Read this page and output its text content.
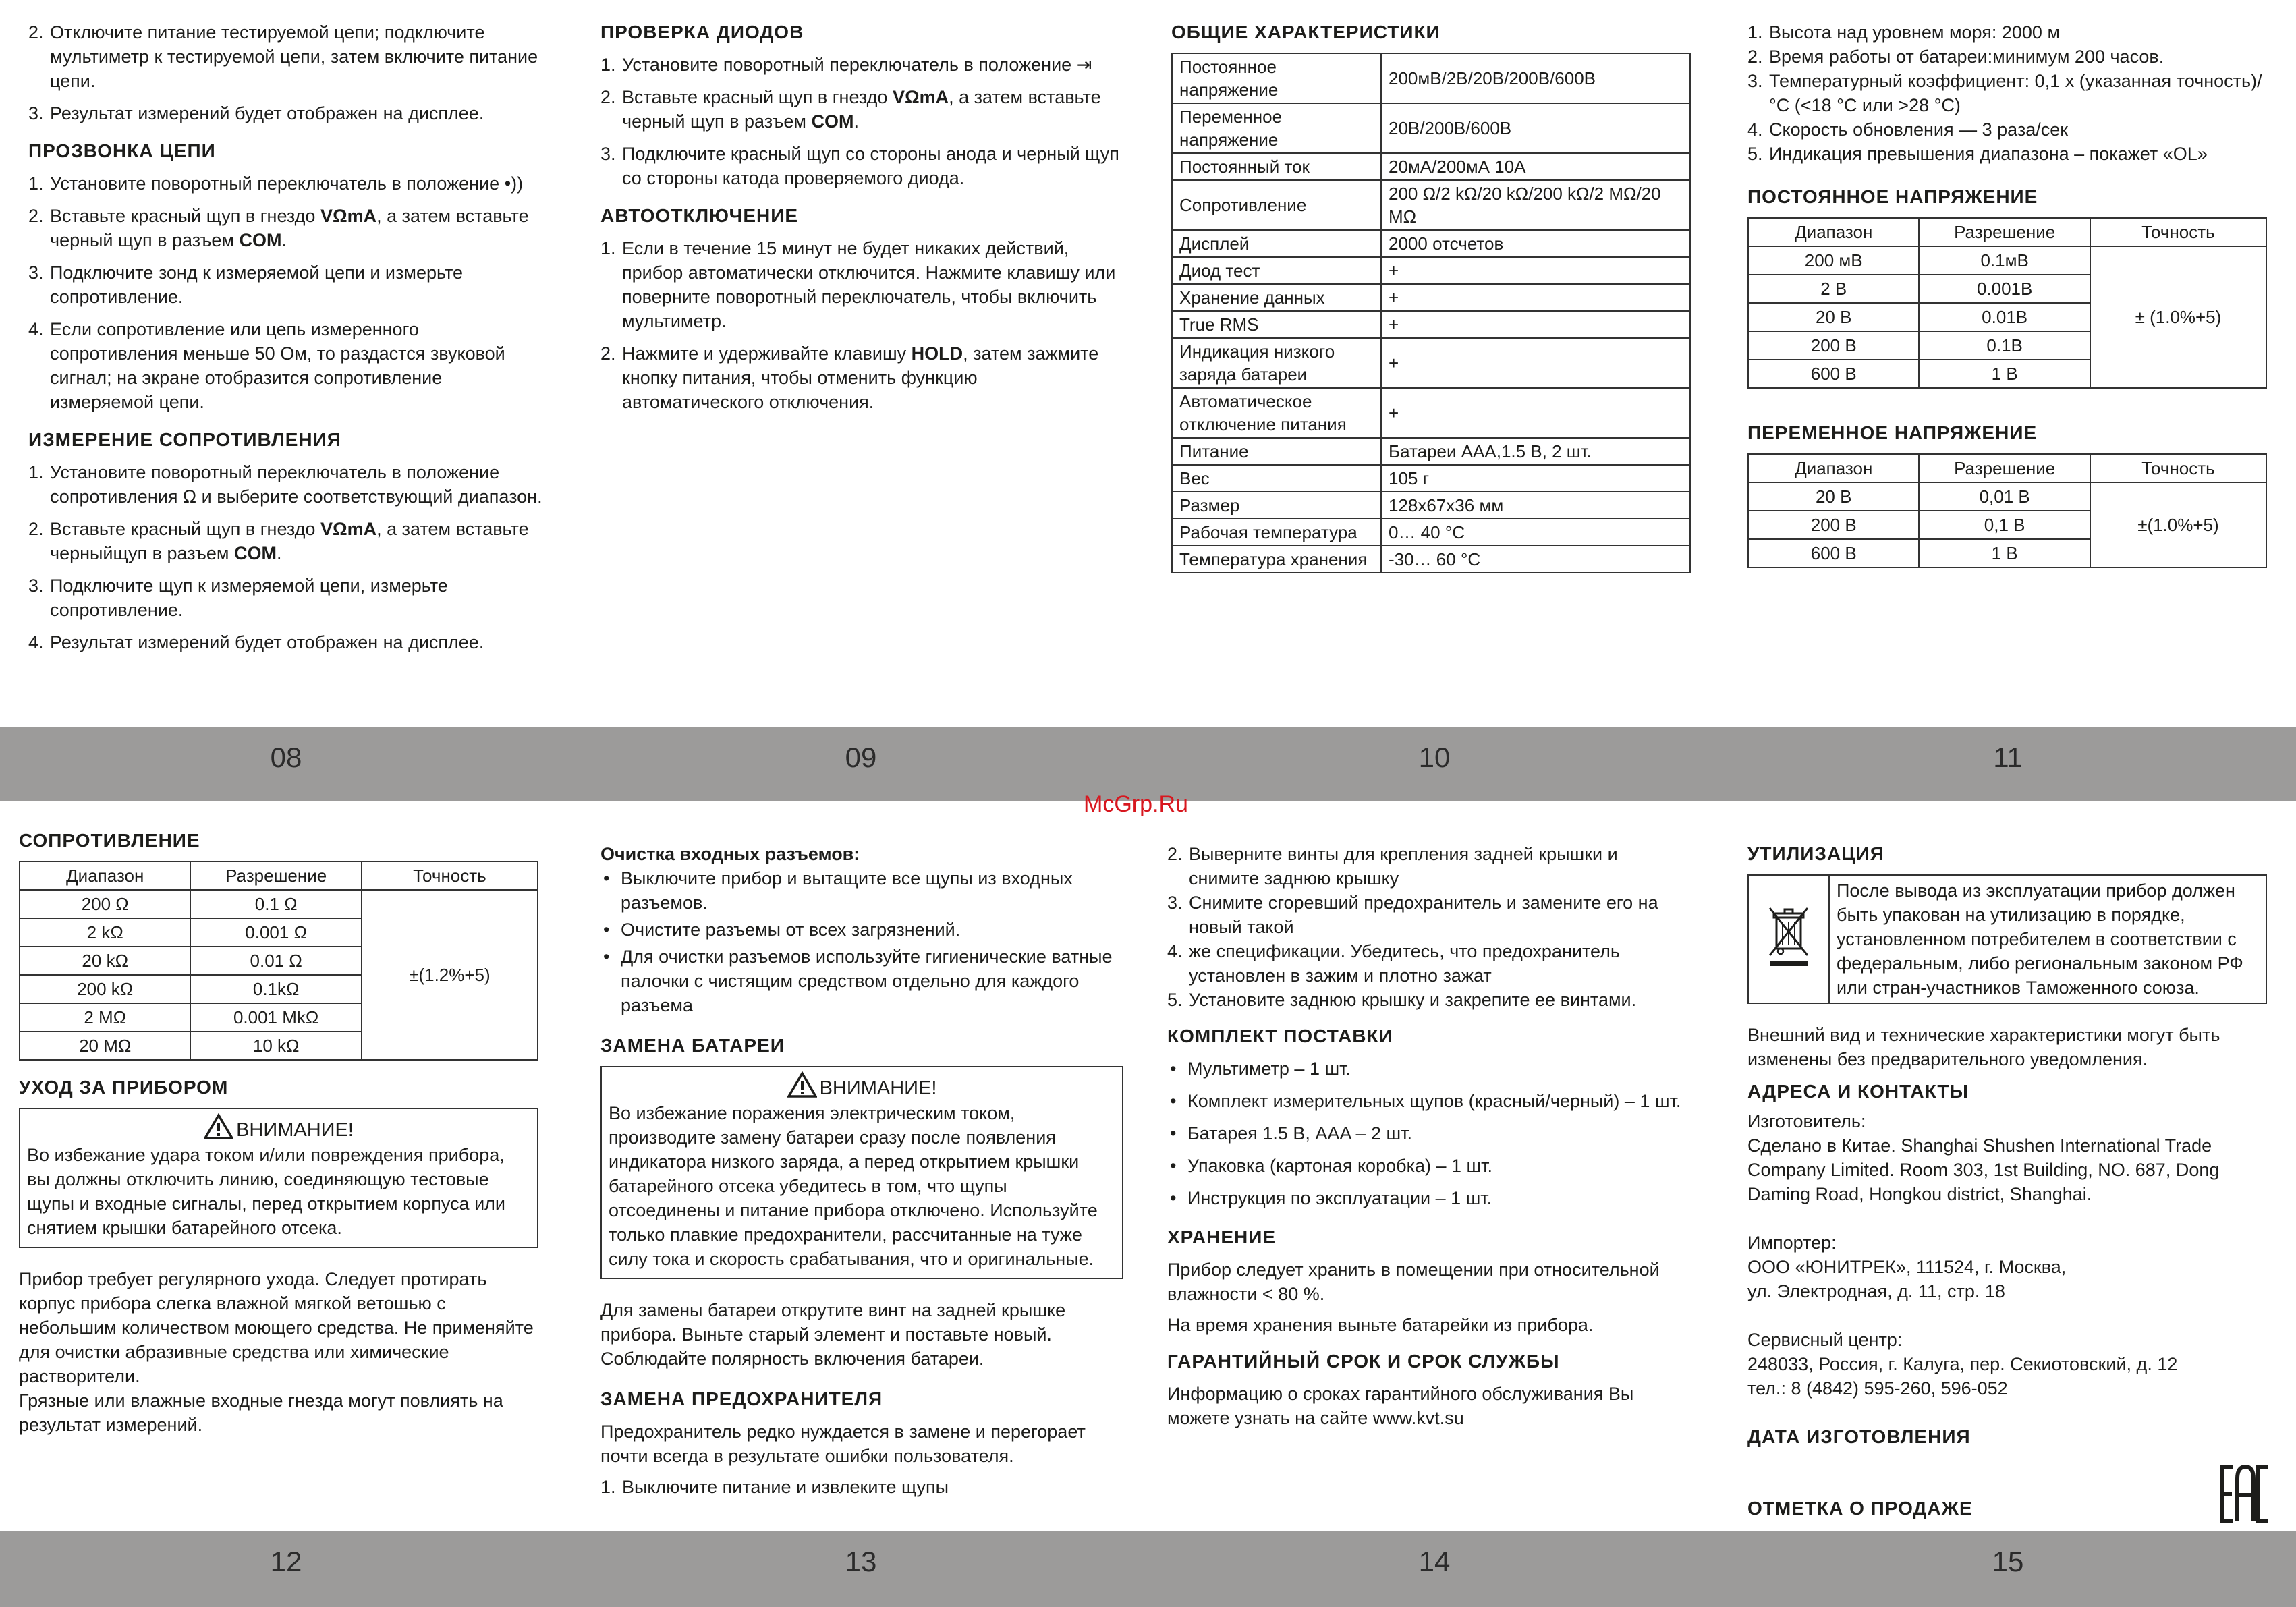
2. Отключите питание тестируемой цепи; подключите мультиметр к тестируемой цепи, затем включите питание цепи.
3. Результат измерений будет отображен на дисплее.
ПРОЗВОНКА ЦЕПИ
1. Установите поворотный переключатель в положение •))
2. Вставьте красный щуп в гнездо VΩmA, а затем вставьте черный щуп в разъем COM.
3. Подключите зонд к измеряемой цепи и измерьте сопротивление.
4. Если сопротивление или цепь измеренного сопротивления меньше 50 Ом, то раздастся звуковой сигнал; на экране отобразится сопротивление измеряемой цепи.
ИЗМЕРЕНИЕ СОПРОТИВЛЕНИЯ
1. Установите поворотный переключатель в положение сопротивления Ω и выберите соответствующий диапазон.
2. Вставьте красный щуп в гнездо VΩmA, а затем вставьте черныйщуп в разъем COM.
3. Подключите щуп к измеряемой цепи, измерьте сопротивление.
4. Результат измерений будет отображен на дисплее.
ПРОВЕРКА ДИОДОВ
1. Установите поворотный переключатель в положение ⇥
2. Вставьте красный щуп в гнездо VΩmA, а затем вставьте черный щуп в разъем COM.
3. Подключите красный щуп со стороны анода и черный щуп со стороны катода проверяемого диода.
АВТООТКЛЮЧЕНИЕ
1. Если в течение 15 минут не будет никаких действий, прибор автоматически отключится. Нажмите клавишу или поверните поворотный переключатель, чтобы включить мультиметр.
2. Нажмите и удерживайте клавишу HOLD, затем зажмите кнопку питания, чтобы отменить функцию автоматического отключения.
ОБЩИЕ ХАРАКТЕРИСТИКИ
Постоянное напряжение	200мВ/2В/20В/200В/600В
Переменное напряжение	20В/200В/600В
Постоянный ток	20мА/200мА 10А
Сопротивление	200 Ω/2 kΩ/20 kΩ/200 kΩ/2 MΩ/20 MΩ
Дисплей	2000 отсчетов
Диод тест	+
Хранение данных	+
True RMS	+
Индикация низкого заряда батареи	+
Автоматическое отключение питания	+
Питание	Батареи AAA,1.5 В, 2 шт.
Вес	105 г
Размер	128х67х36 мм
Рабочая температура	0… 40 °С
Температура хранения	-30… 60 °С
1. Высота над уровнем моря: 2000 м
2. Время работы от батареи:минимум 200 часов.
3. Температурный коэффициент: 0,1 х (указанная точность)/°С (<18 °С или >28 °С)
4. Скорость обновления — 3 раза/сек
5. Индикация превышения диапазона – покажет «OL»
ПОСТОЯННОЕ НАПРЯЖЕНИЕ
Диапазон	Разрешение	Точность
200 мВ	0.1мВ	± (1.0%+5)
2 В	0.001В	
20 В	0.01В	
200 В	0.1В	
600 В	1 В	
ПЕРЕМЕННОЕ НАПРЯЖЕНИЕ
Диапазон	Разрешение	Точность
20 В	0,01 В	±(1.0%+5)
200 В	0,1 В	
600 В	1 В	
08	09	10	11
McGrp.Ru
СОПРОТИВЛЕНИЕ
Диапазон	Разрешение	Точность
200 Ω	0.1 Ω	±(1.2%+5)
2 kΩ	0.001 Ω	
20 kΩ	0.01 Ω	
200 kΩ	0.1kΩ	
2 MΩ	0.001 MkΩ	
20 MΩ	10 kΩ	
УХОД ЗА ПРИБОРОМ
ВНИМАНИЕ!

Во избежание удара током и/или повреждения прибора, вы должны отключить линию, соединяющую тестовые щупы и входные сигналы, перед открытием корпуса или снятием крышки батарейного отсека.

Прибор требует регулярного ухода. Следует протирать корпус прибора слегка влажной мягкой ветошью с небольшим количеством моющего средства. Не применяйте для очистки абразивные средства или химические растворители.

Грязные или влажные входные гнезда могут повлиять на результат измерений.

Очистка входных разъемов:
• Выключите прибор и вытащите все щупы из входных разъемов.
• Очистите разъемы от всех загрязнений.
• Для очистки разъемов используйте гигиенические ватные палочки с чистящим средством отдельно для каждого разъема
ЗАМЕНА БАТАРЕИ
ВНИМАНИЕ!

Во избежание поражения электрическим током, производите замену батареи сразу после появления индикатора низкого заряда, а перед открытием крышки батарейного отсека убедитесь в том, что щупы отсоединены и питание прибора отключено. Используйте только плавкие предохранители, рассчитанные на туже силу тока и скорость срабатывания, что и оригинальные.

Для замены батареи открутите винт на задней крышке прибора. Выньте старый элемент и поставьте новый. Соблюдайте полярность включения батареи.

ЗАМЕНА ПРЕДОХРАНИТЕЛЯ

Предохранитель редко нуждается в замене и перегорает почти всегда в результате ошибки пользователя.

1. Выключите питание и извлеките щупы
2. Выверните винты для крепления задней крышки и снимите заднюю крышку
3. Снимите сгоревший предохранитель и замените его на новый такой
4. же спецификации. Убедитесь, что предохранитель установлен в зажим и плотно зажат
5. Установите заднюю крышку и закрепите ее винтами.
КОМПЛЕКТ ПОСТАВКИ
• Мультиметр – 1 шт.
• Комплект измерительных щупов (красный/черный) – 1 шт.
• Батарея 1.5 В, AAA – 2 шт.
• Упаковка (картоная коробка) – 1 шт.
• Инструкция по эксплуатации – 1 шт.
ХРАНЕНИЕ

Прибор следует хранить в помещении при относительной влажности < 80 %.

На время хранения выньте батарейки из прибора.

ГАРАНТИЙНЫЙ СРОК И СРОК СЛУЖБЫ

Информацию о сроках гарантийного обслуживания Вы можете узнать на сайте www.kvt.su

УТИЛИЗАЦИЯ
	После вывода из эксплуатации прибор должен быть упакован на утилизацию в порядке, установленном потребителем в соответствии с федеральным, либо региональным законом РФ или стран-участников Таможенного союза.

Внешний вид и технические характеристики могут быть изменены без предварительного уведомления.

АДРЕСА И КОНТАКТЫ

Изготовитель:

Сделано в Китае. Shanghai Shushen International Trade Company Limited. Room 303, 1st Building, NO. 687, Dong Daming Road, Hongkou district, Shanghai.

Импортер:

ООО «ЮНИТРЕК», 111524, г. Москва,

ул. Электродная, д. 11, стр. 18

Сервисный центр:

248033, Россия, г. Калуга, пер. Секиотовский, д. 12

тел.: 8 (4842) 595-260, 596-052

ДАТА ИЗГОТОВЛЕНИЯ
ОТМЕТКА О ПРОДАЖЕ
12	13	14	15
